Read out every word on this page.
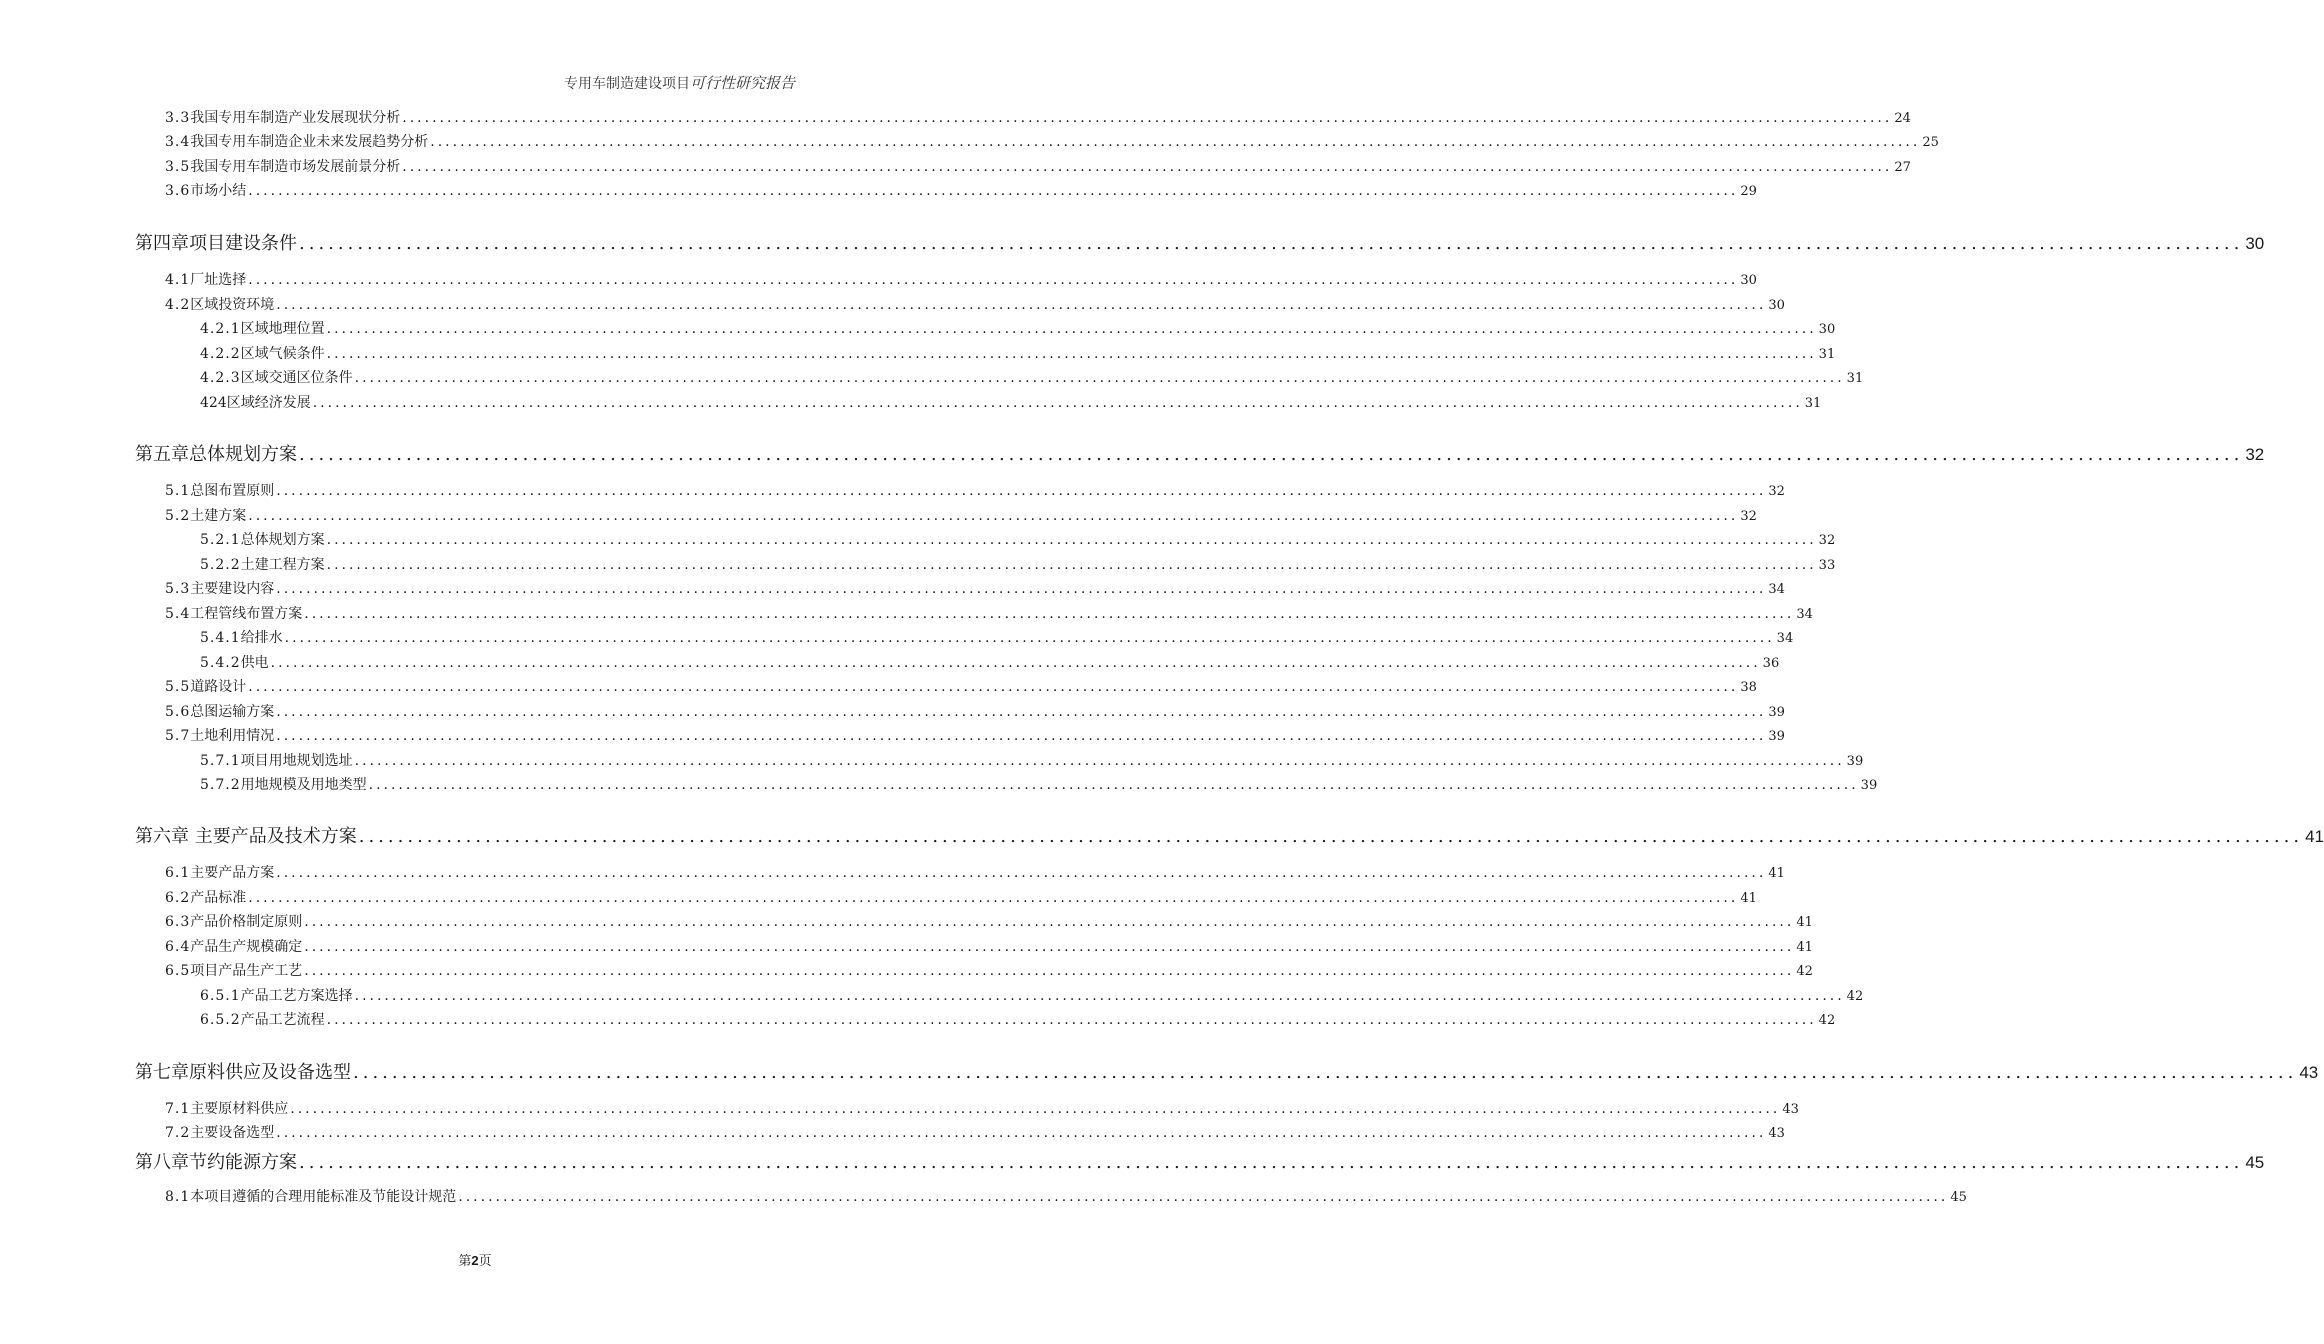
专用车制造建设项目可行性研究报告
3.3 我国专用车制造产业发展现状分析 ........................................................................................................................................................................................................ 24
3.4 我国专用车制造企业未来发展趋势分析 ........................................................................................................................................................................................................ 25
3.5 我国专用车制造市场发展前景分析 ........................................................................................................................................................................................................ 27
3.6 市场小结 ........................................................................................................................................................................................................ 29
第四章项目建设条件 ........................................................................................................................................................................................................ 30
4.1 厂址选择 ........................................................................................................................................................................................................ 30
4.2 区域投资环境 ........................................................................................................................................................................................................ 30
4.2.1 区域地理位置 ........................................................................................................................................................................................................ 30
4.2.2 区域气候条件 ........................................................................................................................................................................................................ 31
4.2.3 区域交通区位条件 ........................................................................................................................................................................................................ 31
424区域经济发展 ........................................................................................................................................................................................................ 31
第五章总体规划方案 ........................................................................................................................................................................................................ 32
5.1 总图布置原则 ........................................................................................................................................................................................................ 32
5.2 土建方案 ........................................................................................................................................................................................................ 32
5.2.1 总体规划方案 ........................................................................................................................................................................................................ 32
5.2.2 土建工程方案 ........................................................................................................................................................................................................ 33
5.3 主要建设内容 ........................................................................................................................................................................................................ 34
5.4 工程管线布置方案 ........................................................................................................................................................................................................ 34
5.4.1 给排水 ........................................................................................................................................................................................................ 34
5.4.2 供电 ........................................................................................................................................................................................................ 36
5.5 道路设计 ........................................................................................................................................................................................................ 38
5.6 总图运输方案 ........................................................................................................................................................................................................ 39
5.7 土地利用情况 ........................................................................................................................................................................................................ 39
5.7.1 项目用地规划选址 ........................................................................................................................................................................................................ 39
5.7.2 用地规模及用地类型 ........................................................................................................................................................................................................ 39
第六章 主要产品及技术方案 ........................................................................................................................................................................................................ 41
6.1 主要产品方案 ........................................................................................................................................................................................................ 41
6.2 产品标准 ........................................................................................................................................................................................................ 41
6.3 产品价格制定原则 ........................................................................................................................................................................................................ 41
6.4 产品生产规模确定 ........................................................................................................................................................................................................ 41
6.5 项目产品生产工艺 ........................................................................................................................................................................................................ 42
6.5.1 产品工艺方案选择 ........................................................................................................................................................................................................ 42
6.5.2 产品工艺流程 ........................................................................................................................................................................................................ 42
第七章原料供应及设备选型 ........................................................................................................................................................................................................ 43
7.1 主要原材料供应 ........................................................................................................................................................................................................ 43
7.2 主要设备选型 ........................................................................................................................................................................................................ 43
第八章节约能源方案 ........................................................................................................................................................................................................ 45
8.1 本项目遵循的合理用能标准及节能设计规范 ........................................................................................................................................................................................................ 45
第2页
